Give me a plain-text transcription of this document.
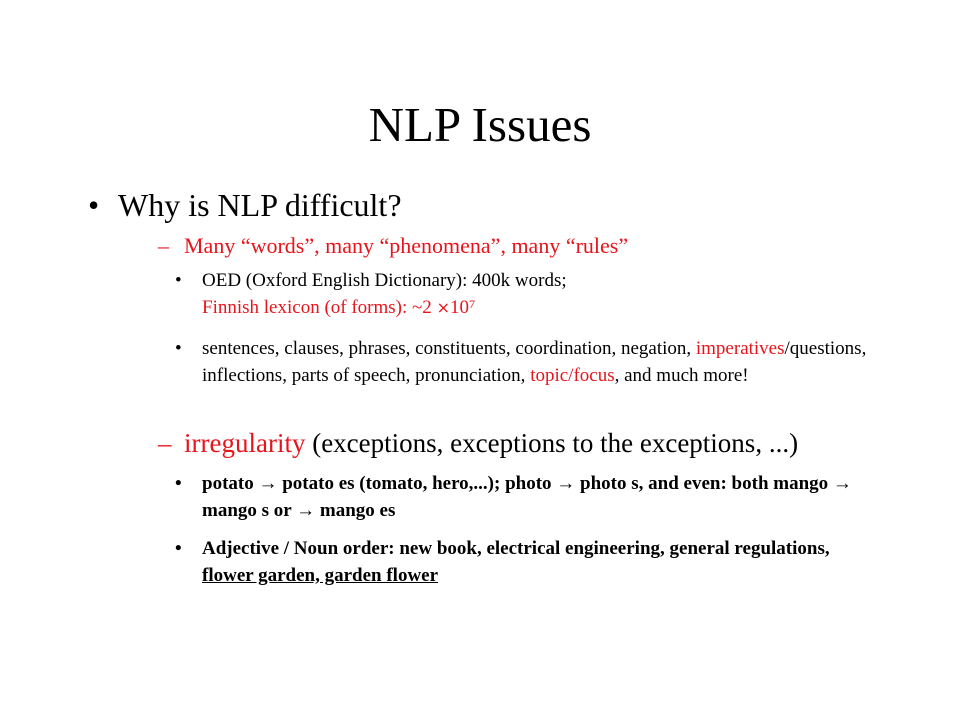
NLP Issues
• Why is NLP difficult?
– Many “words”, many “phenomena”, many “rules”
• OED (Oxford English Dictionary): 400k words;
Finnish lexicon (of forms): ~2 $\times 10^7$
• sentences, clauses, phrases, constituents, coordination, negation, imperatives/questions, inflections, parts of speech, pronunciation, topic/focus, and much more!
– irregularity (exceptions, exceptions to the exceptions, ...)
• potato → potato es (tomato, hero,...); photo → photo s, and even: both mango → mango s or → mango es
• Adjective / Noun order: new book, electrical engineering, general regulations, flower garden, garden flower
